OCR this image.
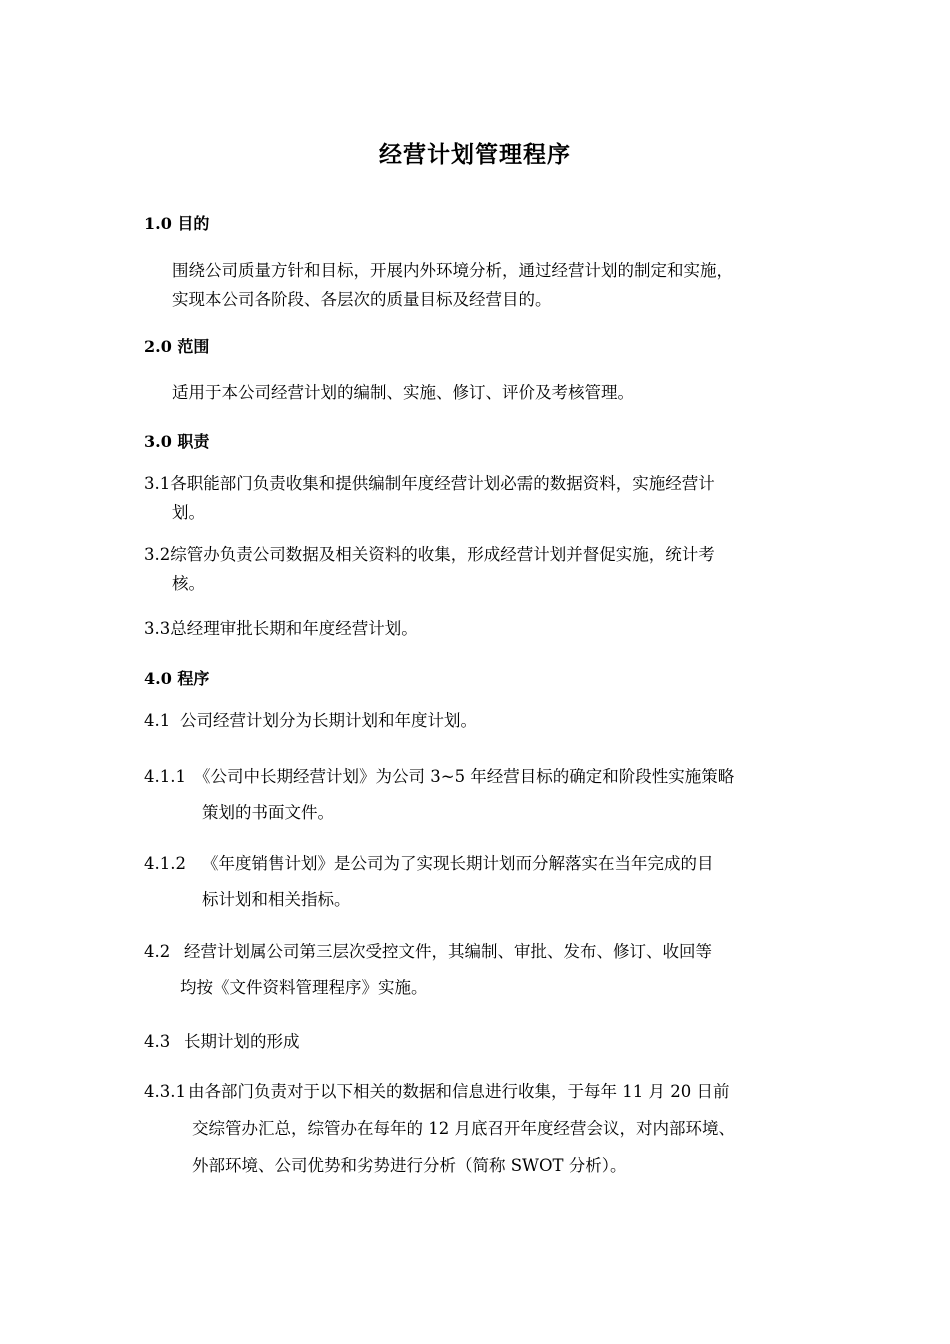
经营计划管理程序
1.0 目的
围绕公司质量方针和目标，开展内外环境分析，通过经营计划的制定和实施，
实现本公司各阶段、各层次的质量目标及经营目的。
2.0 范围
适用于本公司经营计划的编制、实施、修订、评价及考核管理。
3.0 职责
3.1各职能部门负责收集和提供编制年度经营计划必需的数据资料，实施经营计
划。
3.2综管办负责公司数据及相关资料的收集，形成经营计划并督促实施，统计考
核。
3.3总经理审批长期和年度经营计划。
4.0 程序
4.1 公司经营计划分为长期计划和年度计划。
4.1.1 《公司中长期经营计划》为公司 3~5 年经营目标的确定和阶段性实施策略
策划的书面文件。
4.1.2 《年度销售计划》是公司为了实现长期计划而分解落实在当年完成的目
标计划和相关指标。
4.2 经营计划属公司第三层次受控文件，其编制、审批、发布、修订、收回等
均按《文件资料管理程序》实施。
4.3 长期计划的形成
4.3.1 由各部门负责对于以下相关的数据和信息进行收集，于每年 11 月 20 日前
交综管办汇总，综管办在每年的 12 月底召开年度经营会议，对内部环境、
外部环境、公司优势和劣势进行分析（简称 SWOT 分析）。
